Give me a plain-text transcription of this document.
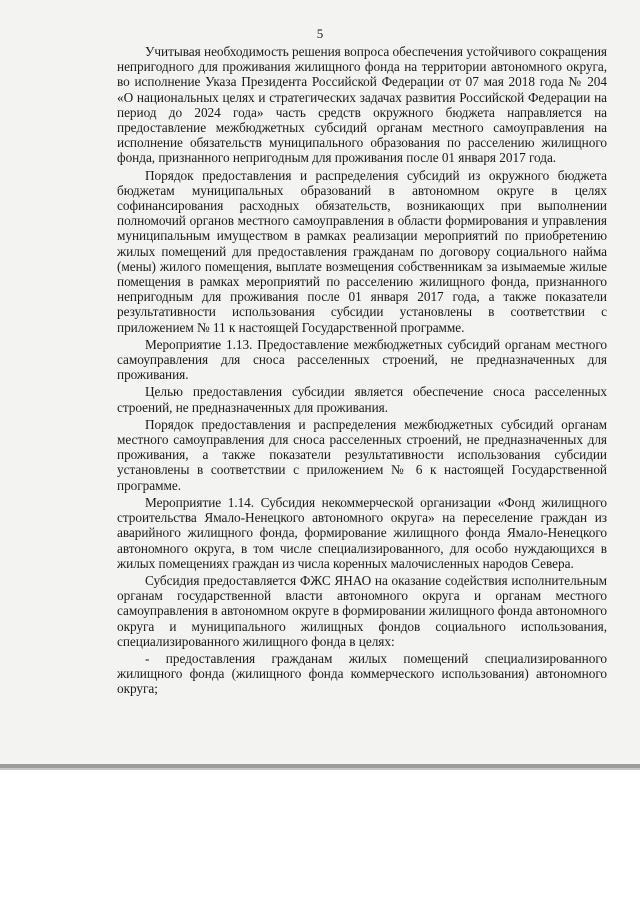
5

Учитывая необходимость решения вопроса обеспечения устойчивого сокращения непригодного для проживания жилищного фонда на территории автономного округа, во исполнение Указа Президента Российской Федерации от 07 мая 2018 года № 204 «О национальных целях и стратегических задачах развития Российской Федерации на период до 2024 года» часть средств окружного бюджета направляется на предоставление межбюджетных субсидий органам местного самоуправления на исполнение обязательств муниципального образования по расселению жилищного фонда, признанного непригодным для проживания после 01 января 2017 года.

Порядок предоставления и распределения субсидий из окружного бюджета бюджетам муниципальных образований в автономном округе в целях софинансирования расходных обязательств, возникающих при выполнении полномочий органов местного самоуправления в области формирования и управления муниципальным имуществом в рамках реализации мероприятий по приобретению жилых помещений для предоставления гражданам по договору социального найма (мены) жилого помещения, выплате возмещения собственникам за изымаемые жилые помещения в рамках мероприятий по расселению жилищного фонда, признанного непригодным для проживания после 01 января 2017 года, а также показатели результативности использования субсидии установлены в соответствии с приложением № 11 к настоящей Государственной программе.

Мероприятие 1.13. Предоставление межбюджетных субсидий органам местного самоуправления для сноса расселенных строений, не предназначенных для проживания.

Целью предоставления субсидии является обеспечение сноса расселенных строений, не предназначенных для проживания.

Порядок предоставления и распределения межбюджетных субсидий органам местного самоуправления для сноса расселенных строений, не предназначенных для проживания, а также показатели результативности использования субсидии установлены в соответствии с приложением № 6 к настоящей Государственной программе.

Мероприятие 1.14. Субсидия некоммерческой организации «Фонд жилищного строительства Ямало-Ненецкого автономного округа» на переселение граждан из аварийного жилищного фонда, формирование жилищного фонда Ямало-Ненецкого автономного округа, в том числе специализированного, для особо нуждающихся в жилых помещениях граждан из числа коренных малочисленных народов Севера.

Субсидия предоставляется ФЖС ЯНАО на оказание содействия исполнительным органам государственной власти автономного округа и органам местного самоуправления в автономном округе в формировании жилищного фонда автономного округа и муниципального жилищных фондов социального использования, специализированного жилищного фонда в целях:

- предоставления гражданам жилых помещений специализированного жилищного фонда (жилищного фонда коммерческого использования) автономного округа;
